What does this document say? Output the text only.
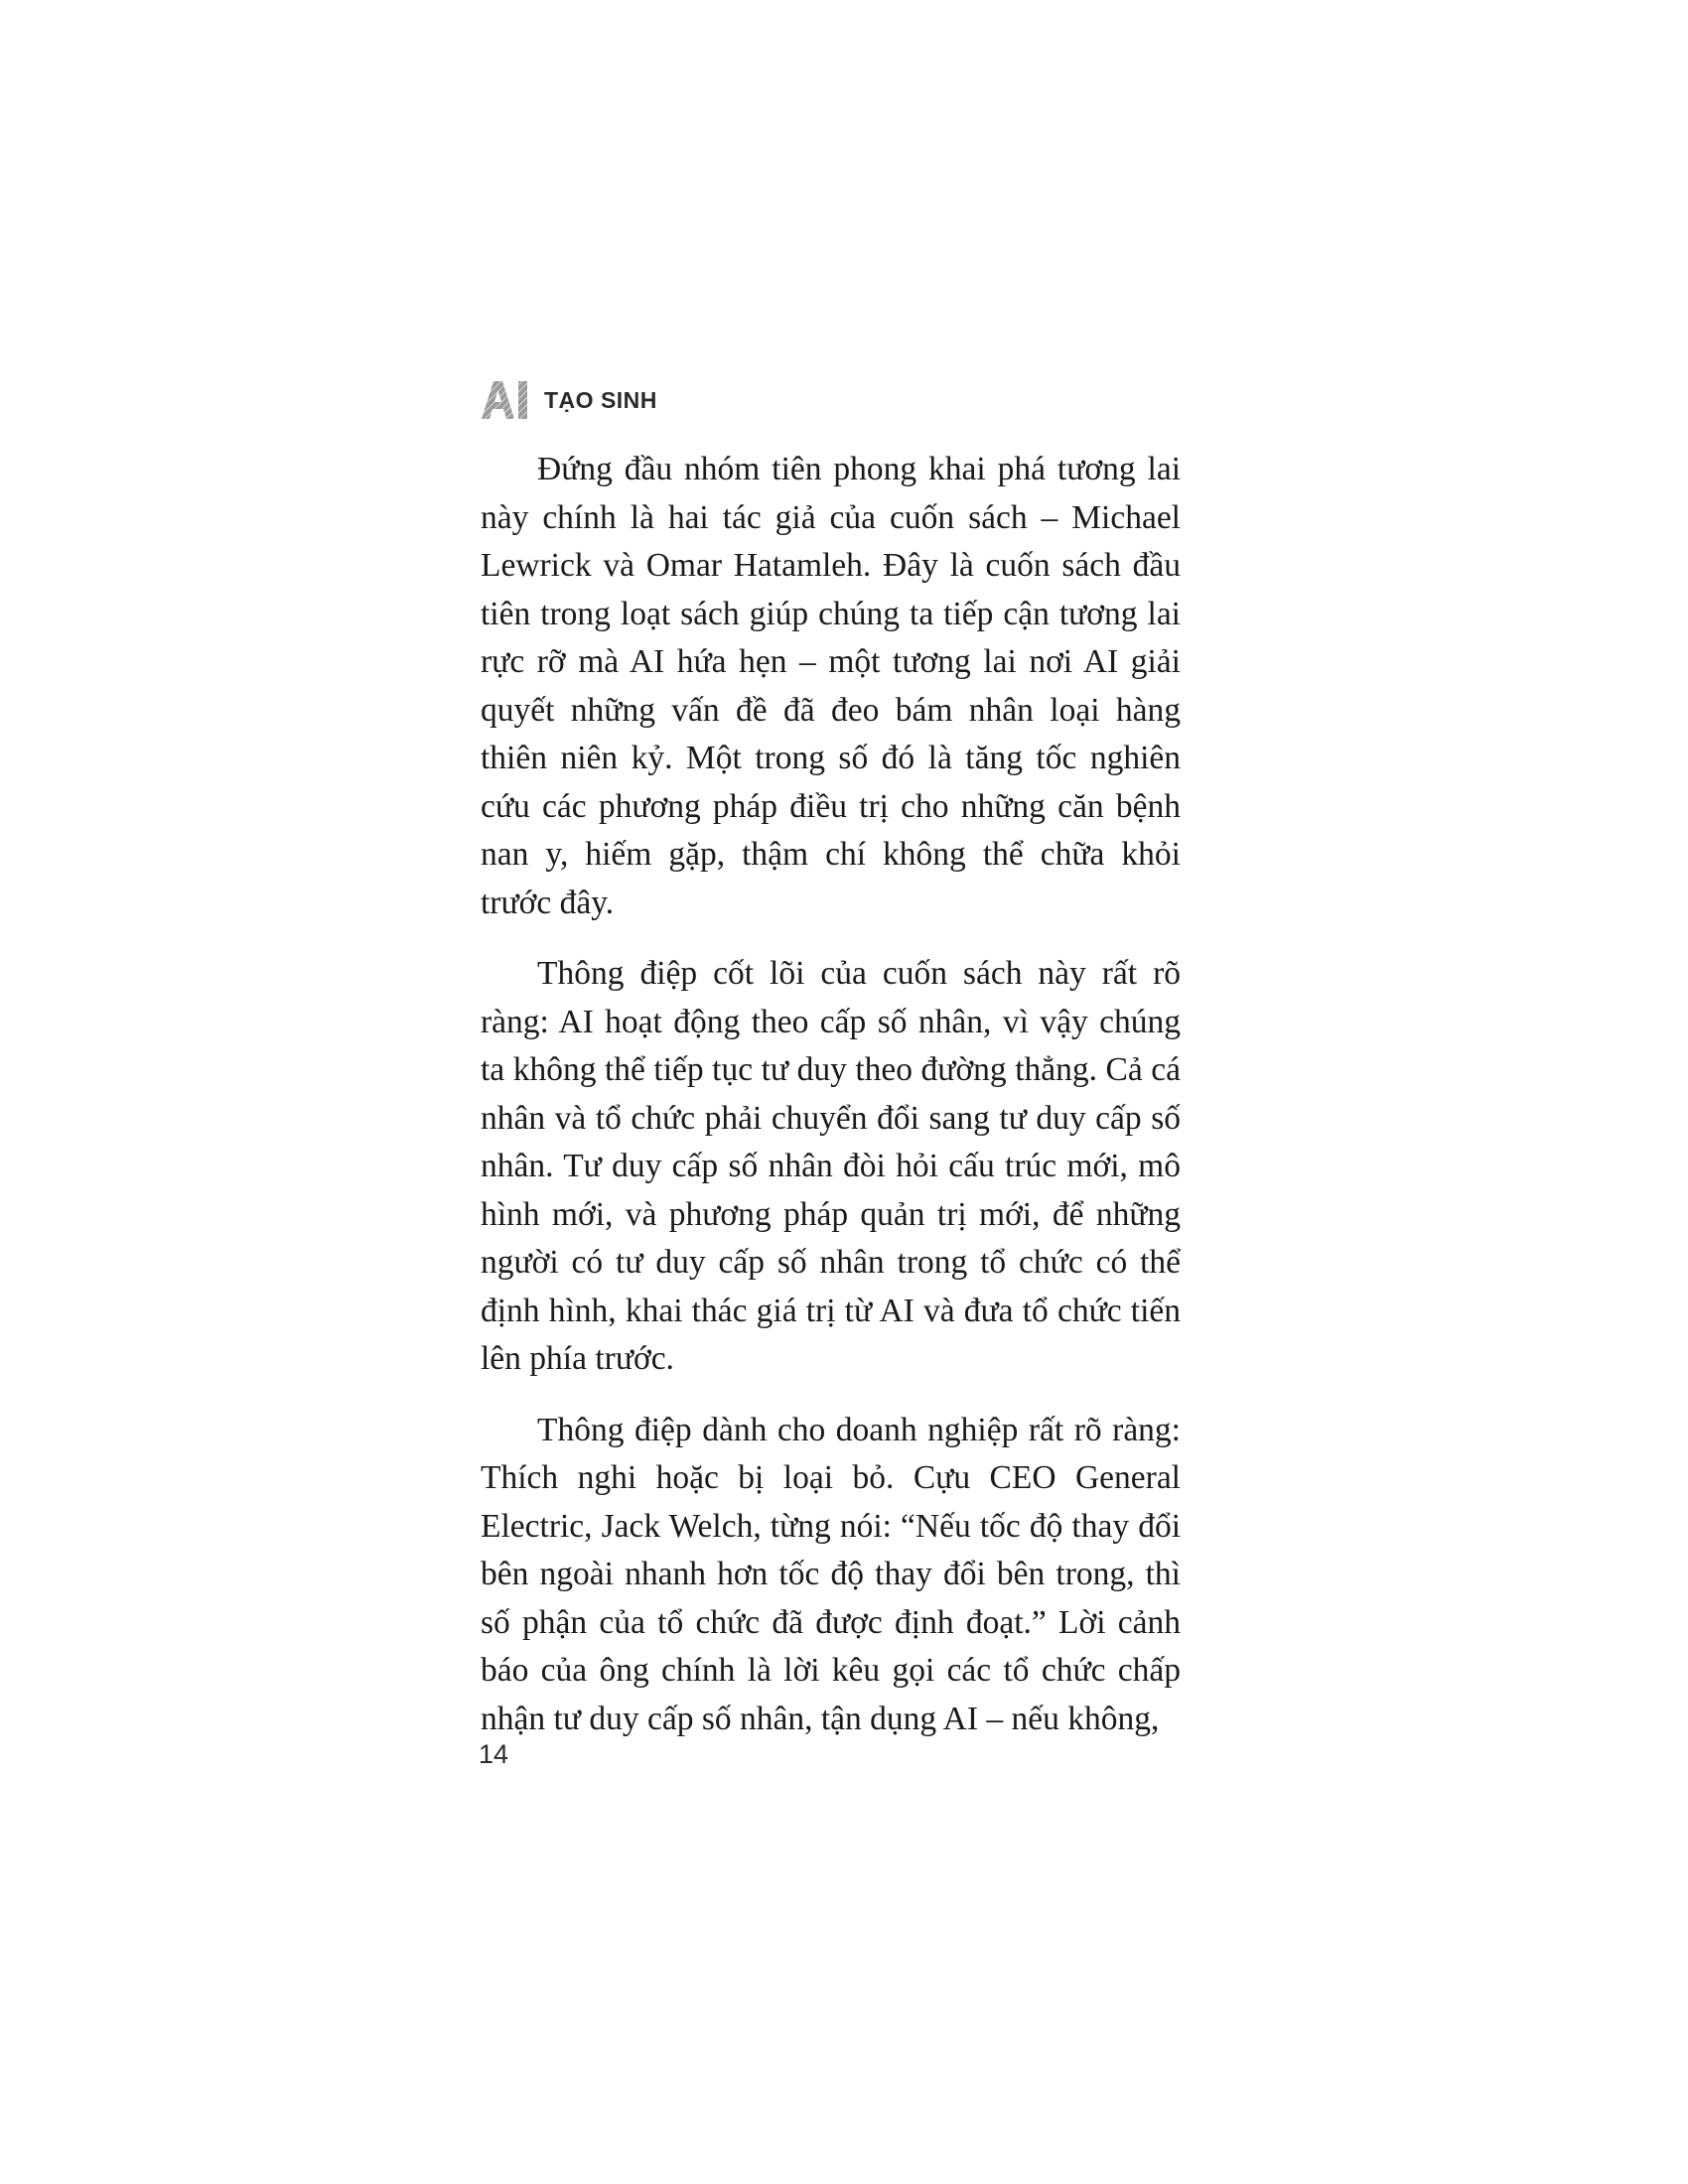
TẠO SINH

Đứng đầu nhóm tiên phong khai phá tương lai này chính là hai tác giả của cuốn sách – Michael Lewrick và Omar Hatamleh. Đây là cuốn sách đầu tiên trong loạt sách giúp chúng ta tiếp cận tương lai rực rỡ mà AI hứa hẹn – một tương lai nơi AI giải quyết những vấn đề đã đeo bám nhân loại hàng thiên niên kỷ. Một trong số đó là tăng tốc nghiên cứu các phương pháp điều trị cho những căn bệnh nan y, hiếm gặp, thậm chí không thể chữa khỏi trước đây.

Thông điệp cốt lõi của cuốn sách này rất rõ ràng: AI hoạt động theo cấp số nhân, vì vậy chúng ta không thể tiếp tục tư duy theo đường thẳng. Cả cá nhân và tổ chức phải chuyển đổi sang tư duy cấp số nhân. Tư duy cấp số nhân đòi hỏi cấu trúc mới, mô hình mới, và phương pháp quản trị mới, để những người có tư duy cấp số nhân trong tổ chức có thể định hình, khai thác giá trị từ AI và đưa tổ chức tiến lên phía trước.

Thông điệp dành cho doanh nghiệp rất rõ ràng: Thích nghi hoặc bị loại bỏ. Cựu CEO General Electric, Jack Welch, từng nói: “Nếu tốc độ thay đổi bên ngoài nhanh hơn tốc độ thay đổi bên trong, thì số phận của tổ chức đã được định đoạt.” Lời cảnh báo của ông chính là lời kêu gọi các tổ chức chấp nhận tư duy cấp số nhân, tận dụng AI – nếu không,

14
